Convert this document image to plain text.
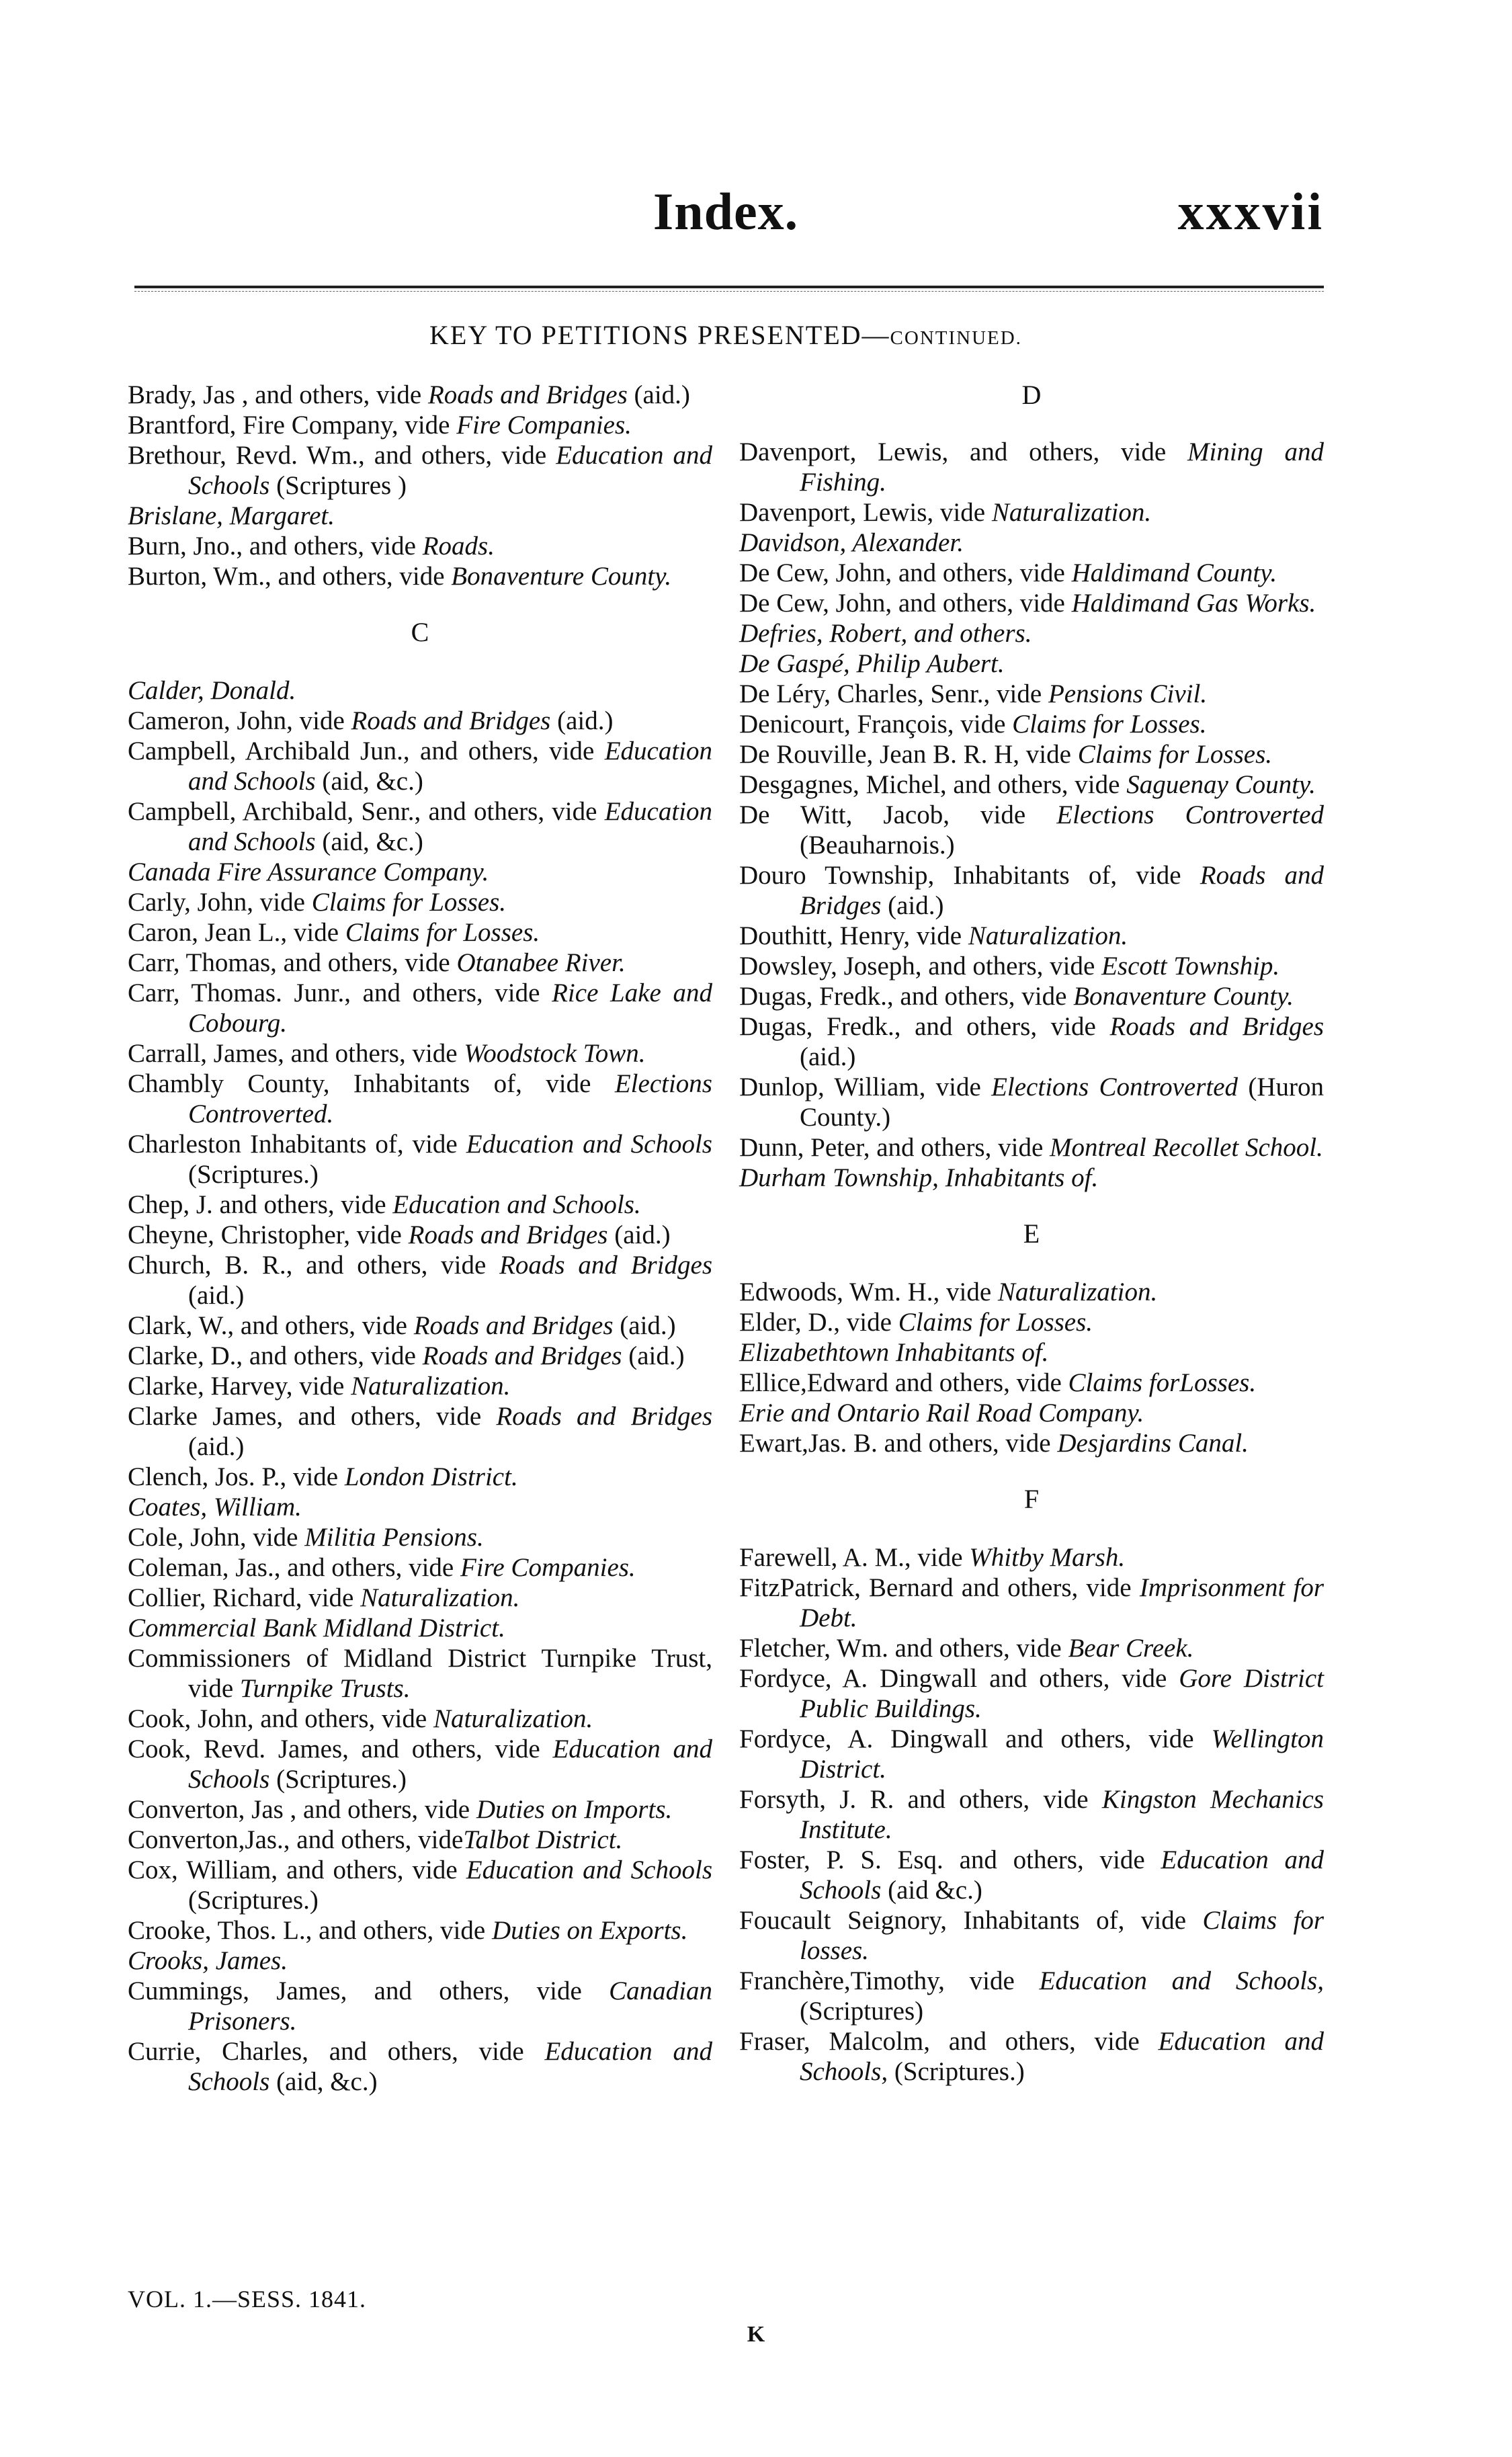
Index.	xxxvii
KEY TO PETITIONS PRESENTED—CONTINUED.

Brady, Jas , and others, vide Roads and Bridges (aid.)

Brantford, Fire Company, vide Fire Companies.

Brethour, Revd. Wm., and others, vide Education and Schools (Scriptures )

Brislane, Margaret.

Burn, Jno., and others, vide Roads.

Burton, Wm., and others, vide Bonaventure County.

C

Calder, Donald.

Cameron, John, vide Roads and Bridges (aid.)

Campbell, Archibald Jun., and others, vide Education and Schools (aid, &c.)

Campbell, Archibald, Senr., and others, vide Education and Schools (aid, &c.)

Canada Fire Assurance Company.

Carly, John, vide Claims for Losses.

Caron, Jean L., vide Claims for Losses.

Carr, Thomas, and others, vide Otanabee River.

Carr, Thomas. Junr., and others, vide Rice Lake and Cobourg.

Carrall, James, and others, vide Woodstock Town.

Chambly County, Inhabitants of, vide Elections Controverted.

Charleston Inhabitants of, vide Education and Schools (Scriptures.)

Chep, J. and others, vide Education and Schools.

Cheyne, Christopher, vide Roads and Bridges (aid.)

Church, B. R., and others, vide Roads and Bridges (aid.)

Clark, W., and others, vide Roads and Bridges (aid.)

Clarke, D., and others, vide Roads and Bridges (aid.)

Clarke, Harvey, vide Naturalization.

Clarke James, and others, vide Roads and Bridges (aid.)

Clench, Jos. P., vide London District.

Coates, William.

Cole, John, vide Militia Pensions.

Coleman, Jas., and others, vide Fire Companies.

Collier, Richard, vide Naturalization.

Commercial Bank Midland District.

Commissioners of Midland District Turnpike Trust, vide Turnpike Trusts.

Cook, John, and others, vide Naturalization.

Cook, Revd. James, and others, vide Education and Schools (Scriptures.)

Converton, Jas , and others, vide Duties on Imports.

Converton,Jas., and others, videTalbot District.

Cox, William, and others, vide Education and Schools (Scriptures.)

Crooke, Thos. L., and others, vide Duties on Exports.

Crooks, James.

Cummings, James, and others, vide Canadian Prisoners.

Currie, Charles, and others, vide Education and Schools (aid, &c.)

D

Davenport, Lewis, and others, vide Mining and Fishing.

Davenport, Lewis, vide Naturalization.

Davidson, Alexander.

De Cew, John, and others, vide Haldimand County.

De Cew, John, and others, vide Haldimand Gas Works.

Defries, Robert, and others.

De Gaspé, Philip Aubert.

De Léry, Charles, Senr., vide Pensions Civil.

Denicourt, François, vide Claims for Losses.

De Rouville, Jean B. R. H, vide Claims for Losses.

Desgagnes, Michel, and others, vide Saguenay County.

De Witt, Jacob, vide Elections Controverted (Beauharnois.)

Douro Township, Inhabitants of, vide Roads and Bridges (aid.)

Douthitt, Henry, vide Naturalization.

Dowsley, Joseph, and others, vide Escott Township.

Dugas, Fredk., and others, vide Bonaventure County.

Dugas, Fredk., and others, vide Roads and Bridges (aid.)

Dunlop, William, vide Elections Controverted (Huron County.)

Dunn, Peter, and others, vide Montreal Recollet School.

Durham Township, Inhabitants of.

E

Edwoods, Wm. H., vide Naturalization.

Elder, D., vide Claims for Losses.

Elizabethtown Inhabitants of.

Ellice,Edward and others, vide Claims forLosses.

Erie and Ontario Rail Road Company.

Ewart,Jas. B. and others, vide Desjardins Canal.

F

Farewell, A. M., vide Whitby Marsh.

FitzPatrick, Bernard and others, vide Imprisonment for Debt.

Fletcher, Wm. and others, vide Bear Creek.

Fordyce, A. Dingwall and others, vide Gore District Public Buildings.

Fordyce, A. Dingwall and others, vide Wellington District.

Forsyth, J. R. and others, vide Kingston Mechanics Institute.

Foster, P. S. Esq. and others, vide Education and Schools (aid &c.)

Foucault Seignory, Inhabitants of, vide Claims for losses.

Franchère,Timothy, vide Education and Schools, (Scriptures)

Fraser, Malcolm, and others, vide Education and Schools, (Scriptures.)

VOL. 1.—SESS. 1841.
K
